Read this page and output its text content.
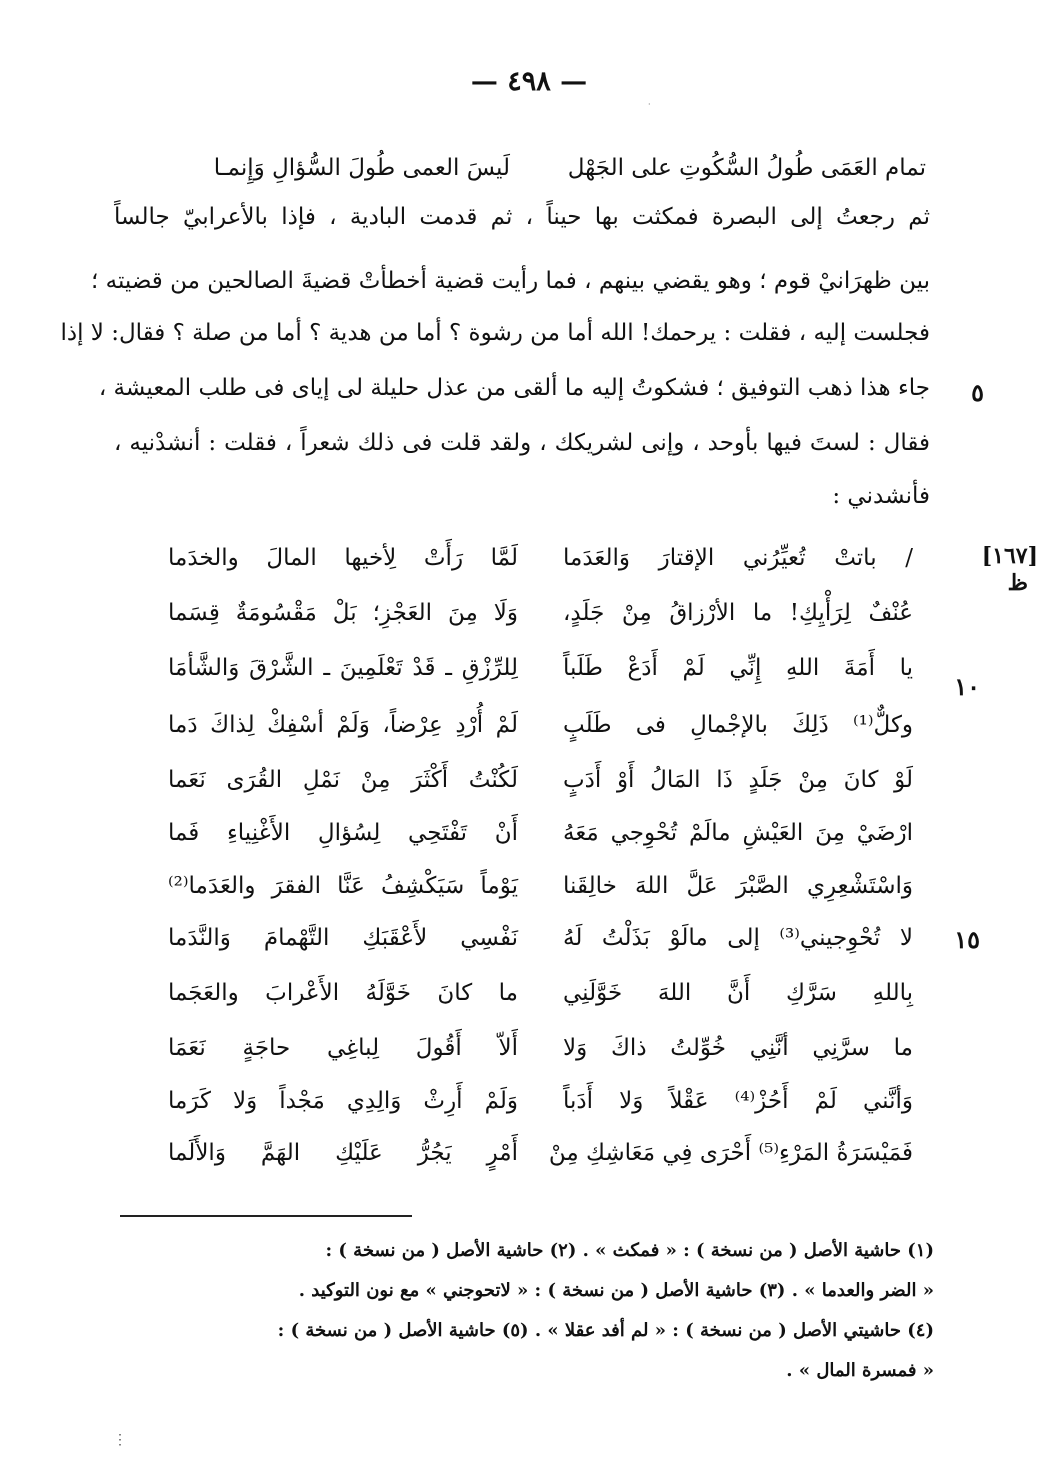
— ٤٩٨ —
·
لَيسَ العمى طُولَ السُّؤالِ وَإِنمـا	تمام العَمَى طُولُ السُّكُوتِ على الجَهْل
ثم رجعتُ إلى البصرة فمكثت بها حيناً ، ثم قدمت البادية ، فإذا بالأعرابيّ جالساً
بين ظهرَانيْ قوم ؛ وهو يقضي بينهم ، فما رأيت قضية أخطأتْ قضيةَ الصالحين من قضيته ؛
فجلست إليه ، فقلت : يرحمك! الله أما من رشوة ؟ أما من هدية ؟ أما من صلة ؟ فقال: لا إذا
جاء هذا ذهب التوفيق ؛ فشكوتُ إليه ما ألقى من عذل حليلة لى إياى فى طلب المعيشة ،
فقال : لستَ فيها بأوحد ، وإنى لشريكك ، ولقد قلت فى ذلك شعراً ، فقلت : أنشدْنيه ،
فأنشدني :
٥
[١٦٧]
ظ
١٠
١٥
/ باتتْ تُعيِّرُني الإقتارَ وَالعَدَما
لَمَّا رَأَتْ لِأخيها المالَ والخدَما
عُنْفٌ لِرَأْيِكِ! ما الأرْزاقُ مِنْ جَلَدٍ،
وَلَا مِنَ العَجْزِ؛ بَلْ مَقْسُومَةٌ قِسَما
يا أَمَةَ اللهِ إِنِّي لَمْ أَدَعْ طَلَباً
لِلرِّزْقِ ـ قَدْ تَعْلَمِينَ ـ الشَّرْقَ وَالشَّأمَا
وكلٌّ⁽¹⁾ ذَلِكَ بالإجْمالِ فى طَلَبٍ
لَمْ أُرْدِ عِرْضاً، وَلَمْ أسْفِكْ لِذاكَ دَما
لَوْ كانَ مِنْ جَلَدٍ ذَا المَالُ أَوْ أَدَبٍ
لَكُنْتُ أَكْثَرَ مِنْ نَمْلِ القُرَى نَعَما
ارْضَيْ مِنَ العَيْشِ مالَمْ تُحْوِجي مَعَهُ
أَنْ تَفْتَحِي لِسُؤالِ الأَغْنِياءِ فَما
وَاسْتَشْعِرِي الصَّبْرَ عَلَّ اللهَ خالِقَنا
يَوْماً سَيَكْشِفُ عَنَّا الفقرَ والعَدَما⁽²⁾
لا تُحْوِجيني⁽³⁾ إلى مالَوْ بَذَلْتُ لَهُ
نَفْسِي لأَعْقَبَكِ التَّهْمامَ وَالنَّدَما
بِاللهِ سَرَّكِ أَنَّ اللهَ خَوَّلَنِي
ما كانَ خَوَّلَهُ الأَعْرابَ والعَجَما
ما سرَّنِي أنَّنِي خُوِّلتُ ذاكَ وَلا
أَلاّ أَقُولَ لِباغِي حاجَةٍ نَعَمَا
وَأنَّني لَمْ أَحُزْ⁽⁴⁾ عَقْلاً وَلا أَدَباً
وَلَمْ أَرِثْ وَالِدِي مَجْداً وَلا كَرَما
فَمَيْسَرَةُ المَرْءِ⁽⁵⁾ أَحْرَى فِي مَعَاشِكِ مِنْ
أَمْرٍ يَجُرُّ عَلَيْكِ الهَمَّ وَالأَلَما
(١) حاشية الأصل ( من نسخة ) : « فمكث » . (٢) حاشية الأصل ( من نسخة ) :
« الضر والعدما » . (٣) حاشية الأصل ( من نسخة ) : « لاتحوجني » مع نون التوكيد .
(٤) حاشيتي الأصل ( من نسخة ) : « لم أفد عقلا » . (٥) حاشية الأصل ( من نسخة ) :
« فمسرة المال » .
⋮
